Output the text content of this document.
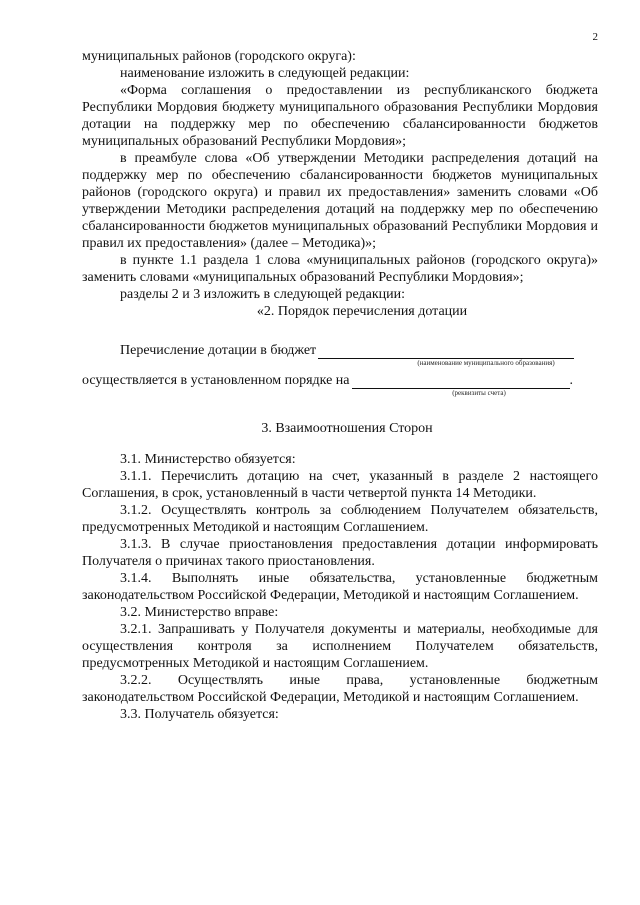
2

муниципальных районов (городского округа):

наименование изложить в следующей редакции:

«Форма соглашения о предоставлении из республиканского бюджета Республики Мордовия бюджету муниципального образования Республики Мордовия дотации на поддержку мер по обеспечению сбалансированности бюджетов муниципальных образований Республики Мордовия»;

в преамбуле слова «Об утверждении Методики распределения дотаций на поддержку мер по обеспечению сбалансированности бюджетов муниципальных районов (городского округа) и правил их предоставления» заменить словами «Об утверждении Методики распределения дотаций на поддержку мер по обеспечению сбалансированности бюджетов муниципальных образований Республики Мордовия и правил их предоставления» (далее – Методика)»;

в пункте 1.1 раздела 1 слова «муниципальных районов (городского округа)» заменить словами «муниципальных образований Республики Мордовия»;

разделы 2 и 3 изложить в следующей редакции:

«2. Порядок перечисления дотации

Перечисление дотации в бюджет
(наименование муниципального образования)
осуществляется в установленном порядке на	.
(реквизиты счета)

3. Взаимоотношения Сторон

3.1. Министерство обязуется:

3.1.1. Перечислить дотацию на счет, указанный в разделе 2 настоящего Соглашения, в срок, установленный в части четвертой пункта 14 Методики.

3.1.2. Осуществлять контроль за соблюдением Получателем обязательств, предусмотренных Методикой и настоящим Соглашением.

3.1.3. В случае приостановления предоставления дотации информировать Получателя о причинах такого приостановления.

3.1.4. Выполнять иные обязательства, установленные бюджетным законодательством Российской Федерации, Методикой и настоящим Соглашением.

3.2. Министерство вправе:

3.2.1. Запрашивать у Получателя документы и материалы, необходимые для осуществления контроля за исполнением Получателем обязательств, предусмотренных Методикой и настоящим Соглашением.

3.2.2. Осуществлять иные права, установленные бюджетным законодательством Российской Федерации, Методикой и настоящим Соглашением.

3.3. Получатель обязуется:
